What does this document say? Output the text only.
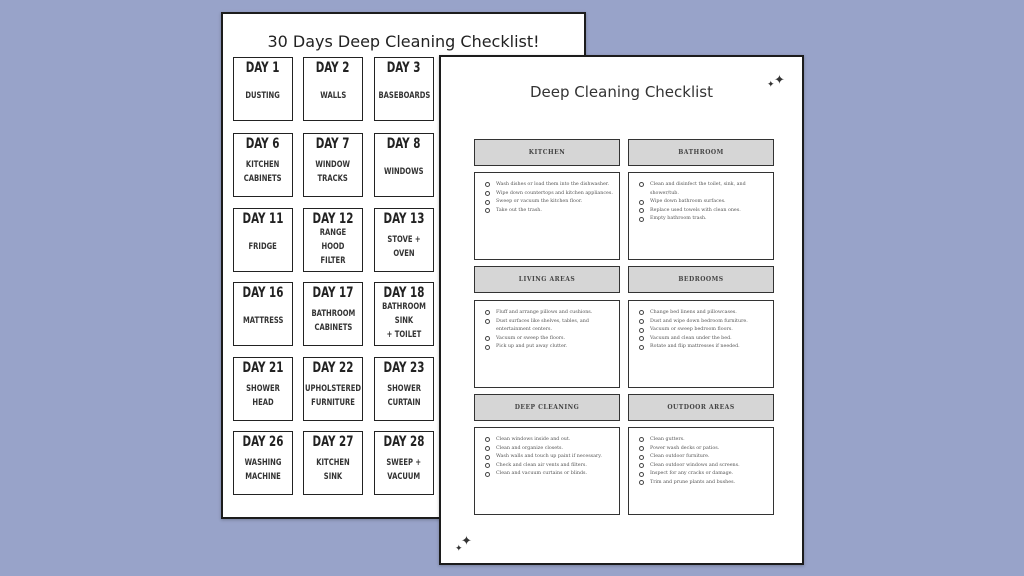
30 Days Deep Cleaning Checklist!
DAY 1
DUSTING
DAY 2
WALLS
DAY 3
BASEBOARDS
DAY 6
KITCHEN
CABINETS
DAY 7
WINDOW
TRACKS
DAY 8
WINDOWS
DAY 11
FRIDGE
DAY 12
RANGE HOOD
FILTER
DAY 13
STOVE + OVEN
DAY 16
MATTRESS
DAY 17
BATHROOM
CABINETS
DAY 18
BATHROOM SINK
+ TOILET
DAY 21
SHOWER HEAD
DAY 22
UPHOLSTERED
FURNITURE
DAY 23
SHOWER
CURTAIN
DAY 26
WASHING
MACHINE
DAY 27
KITCHEN SINK
DAY 28
SWEEP +
VACUUM
Deep Cleaning Checklist
✦
✦
✦
✦
KITCHEN
Wash dishes or load them into the dishwasher.
Wipe down countertops and kitchen appliances.
Sweep or vacuum the kitchen floor.
Take out the trash.
BATHROOM
Clean and disinfect the toilet, sink, and shower/tub.
Wipe down bathroom surfaces.
Replace used towels with clean ones.
Empty bathroom trash.
LIVING AREAS
Fluff and arrange pillows and cushions.
Dust surfaces like shelves, tables, and entertainment centers.
Vacuum or sweep the floors.
Pick up and put away clutter.
BEDROOMS
Change bed linens and pillowcases.
Dust and wipe down bedroom furniture.
Vacuum or sweep bedroom floors.
Vacuum and clean under the bed.
Rotate and flip mattresses if needed.
DEEP CLEANING
Clean windows inside and out.
Clean and organize closets.
Wash walls and touch up paint if necessary.
Check and clean air vents and filters.
Clean and vacuum curtains or blinds.
OUTDOOR AREAS
Clean gutters.
Power wash decks or patios.
Clean outdoor furniture.
Clean outdoor windows and screens.
Inspect for any cracks or damage.
Trim and prune plants and bushes.
